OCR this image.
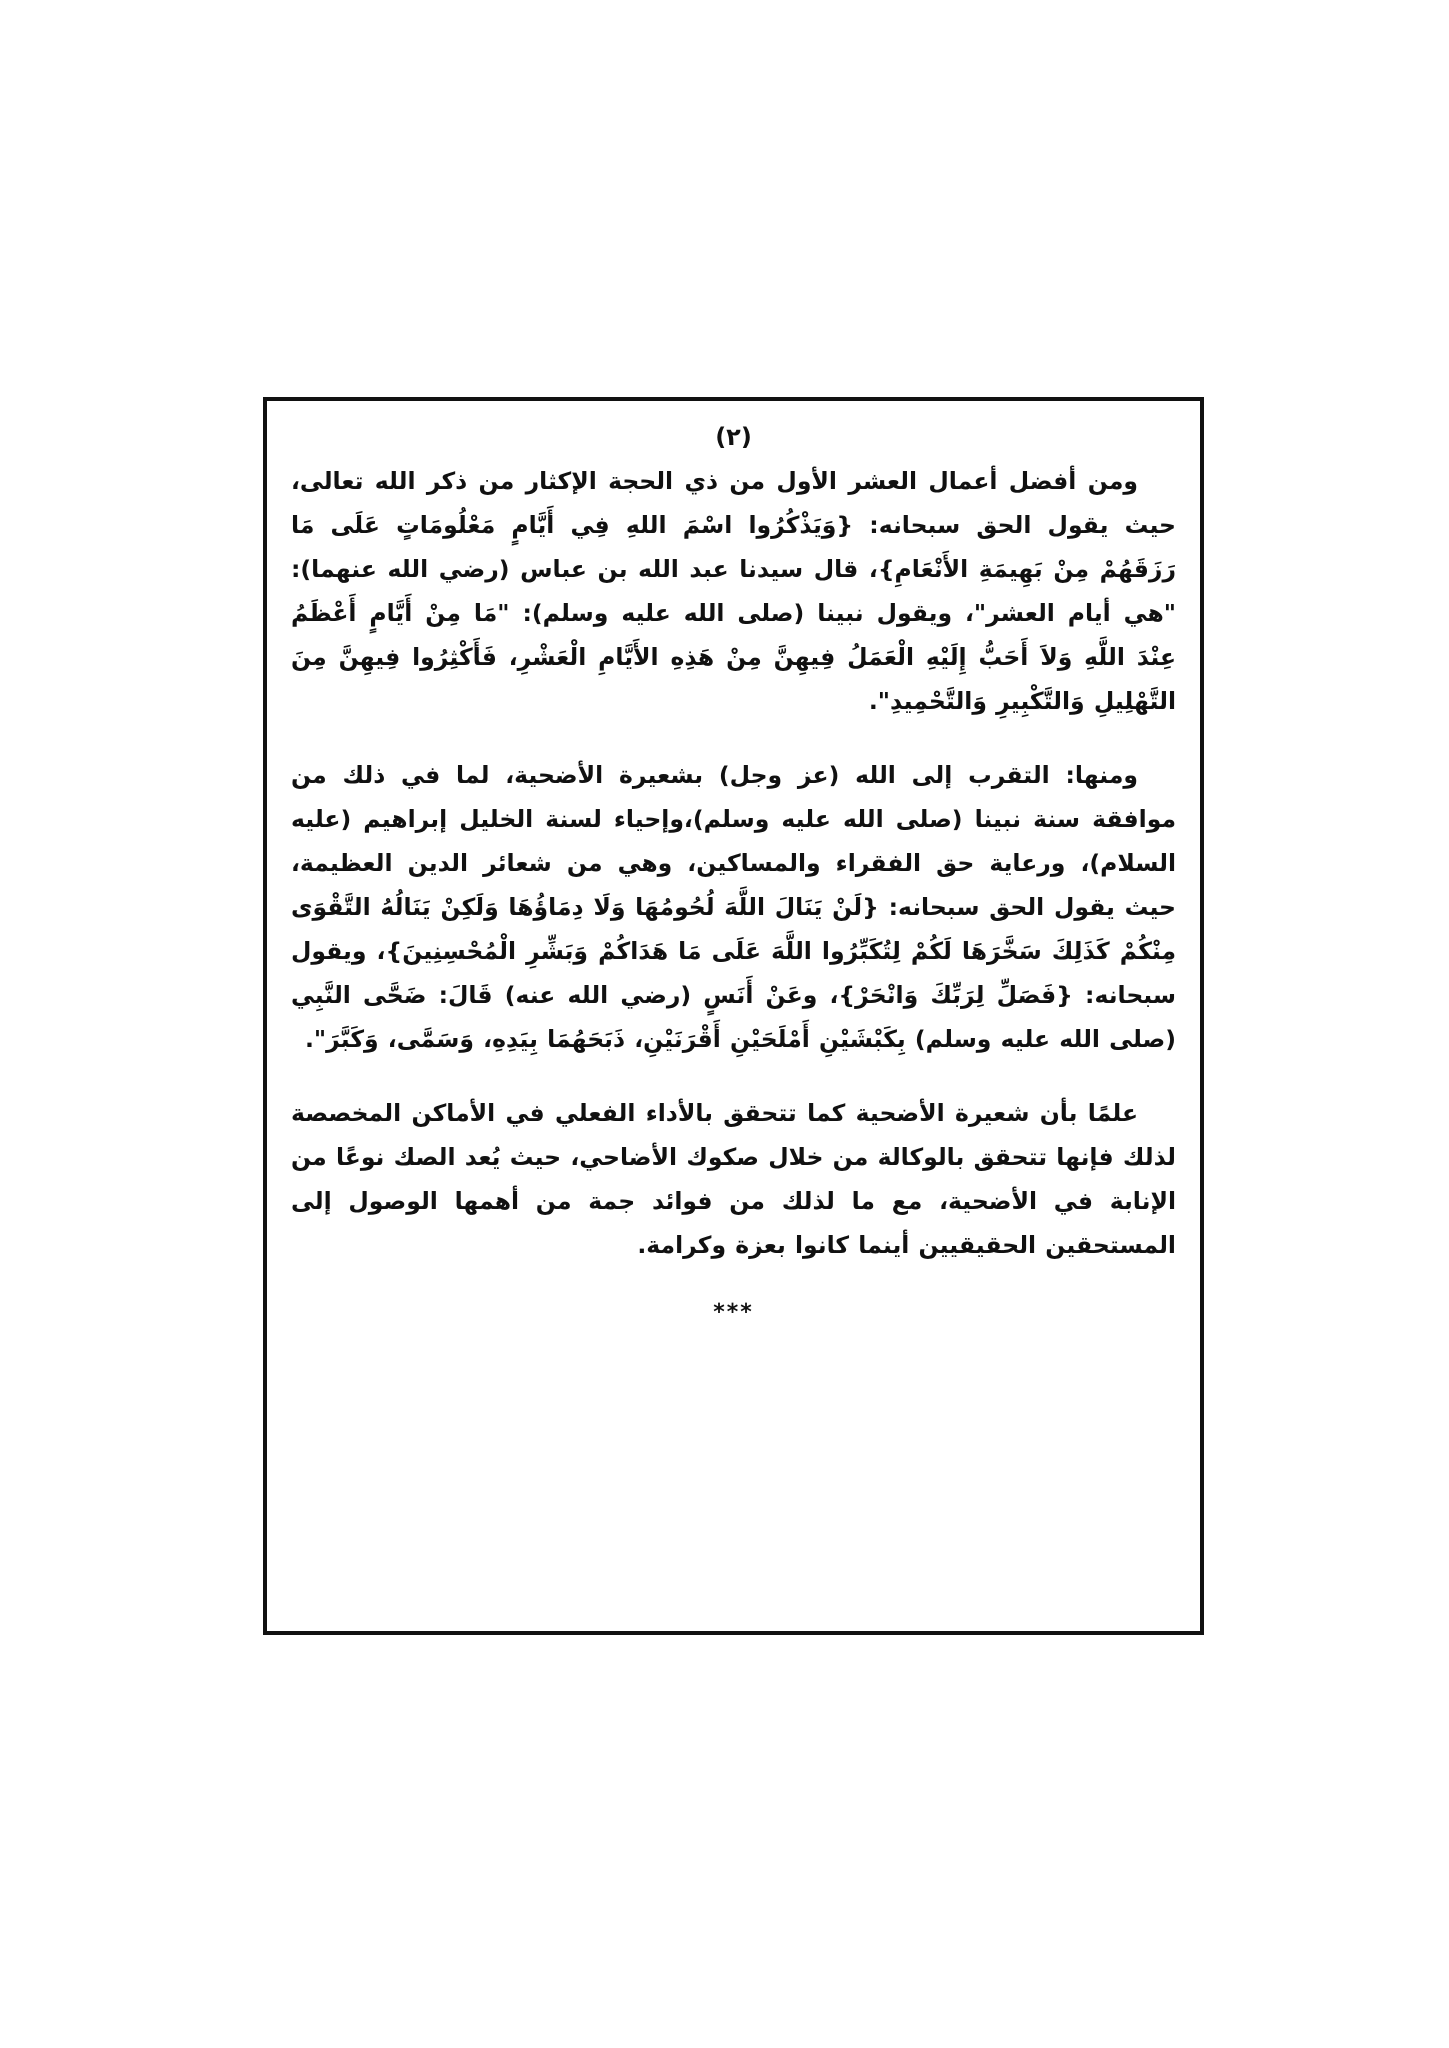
(٢)

ومن أفضل أعمال العشر الأول من ذي الحجة الإكثار من ذكر الله تعالى، حيث يقول الحق سبحانه: {وَيَذْكُرُوا اسْمَ اللهِ فِي أَيَّامٍ مَعْلُومَاتٍ عَلَى مَا رَزَقَهُمْ مِنْ بَهِيمَةِ الأَنْعَامِ}، قال سيدنا عبد الله بن عباس (رضي الله عنهما): "هي أيام العشر"، ويقول نبينا (صلى الله عليه وسلم): "مَا مِنْ أَيَّامٍ أَعْظَمُ عِنْدَ اللَّهِ وَلاَ أَحَبُّ إِلَيْهِ الْعَمَلُ فِيهِنَّ مِنْ هَذِهِ الأَيَّامِ الْعَشْرِ، فَأَكْثِرُوا فِيهِنَّ مِنَ التَّهْلِيلِ وَالتَّكْبِيرِ وَالتَّحْمِيدِ".

ومنها: التقرب إلى الله (عز وجل) بشعيرة الأضحية، لما في ذلك من موافقة سنة نبينا (صلى الله عليه وسلم)،وإحياء لسنة الخليل إبراهيم (عليه السلام)، ورعاية حق الفقراء والمساكين، وهي من شعائر الدين العظيمة، حيث يقول الحق سبحانه: {لَنْ يَنَالَ اللَّهَ لُحُومُهَا وَلَا دِمَاؤُهَا وَلَكِنْ يَنَالُهُ التَّقْوَى مِنْكُمْ كَذَلِكَ سَخَّرَهَا لَكُمْ لِتُكَبِّرُوا اللَّهَ عَلَى مَا هَدَاكُمْ وَبَشِّرِ الْمُحْسِنِينَ}، ويقول سبحانه: {فَصَلِّ لِرَبِّكَ وَانْحَرْ}، وعَنْ أَنَسٍ (رضي الله عنه) قَالَ: ضَحَّى النَّبِي (صلى الله عليه وسلم) بِكَبْشَيْنِ أَمْلَحَيْنِ أَقْرَنَيْنِ، ذَبَحَهُمَا بِيَدِهِ، وَسَمَّى، وَكَبَّرَ".

علمًا بأن شعيرة الأضحية كما تتحقق بالأداء الفعلي في الأماكن المخصصة لذلك فإنها تتحقق بالوكالة من خلال صكوك الأضاحي، حيث يُعد الصك نوعًا من الإنابة في الأضحية، مع ما لذلك من فوائد جمة من أهمها الوصول إلى المستحقين الحقيقيين أينما كانوا بعزة وكرامة.

***
